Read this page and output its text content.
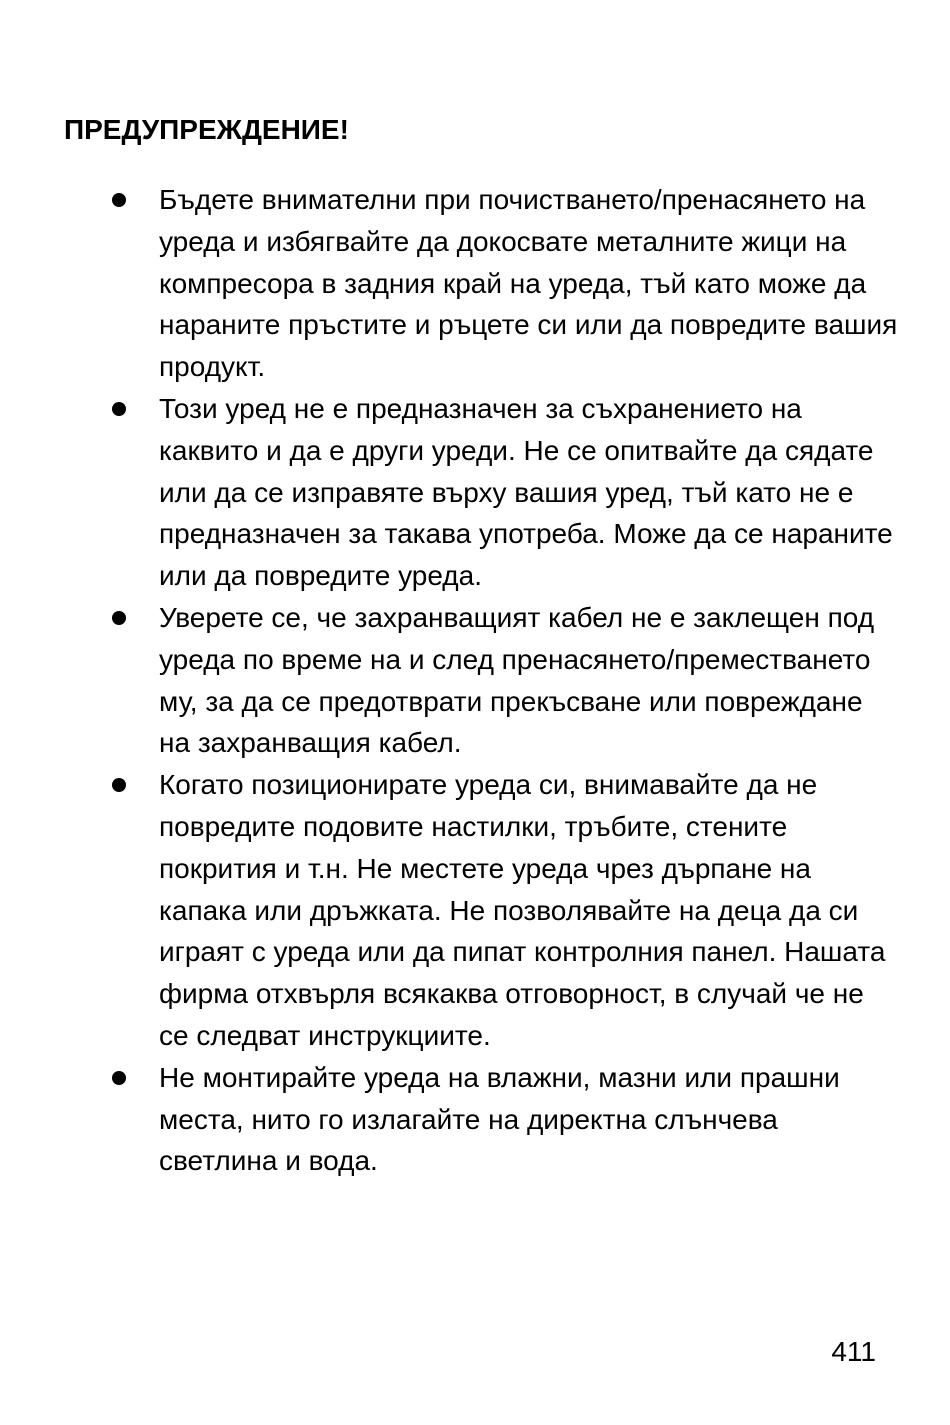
ПРЕДУПРЕЖДЕНИЕ!
Бъдете внимателни при почистването/пренасянето на уреда и избягвайте да докосвате металните жици на компресора в задния край на уреда, тъй като може да нараните пръстите и ръцете си или да повредите вашия продукт.
Този уред не е предназначен за съхранението на каквито и да е други уреди. Не се опитвайте да сядате или да се изправяте върху вашия уред, тъй като не е предназначен за такава употреба. Може да се нараните или да повредите уреда.
Уверете се, че захранващият кабел не е заклещен под уреда по време на и след пренасянето/преместването му, за да се предотврати прекъсване или повреждане на захранващия кабел.
Когато позиционирате уреда си, внимавайте да не повредите подовите настилки, тръбите, стените покрития и т.н. Не местете уреда чрез дърпане на капака или дръжката. Не позволявайте на деца да си играят с уреда или да пипат контролния панел. Нашата фирма отхвърля всякаква отговорност, в случай че не се следват инструкциите.
Не монтирайте уреда на влажни, мазни или прашни места, нито го излагайте на директна слънчева светлина и вода.
411
